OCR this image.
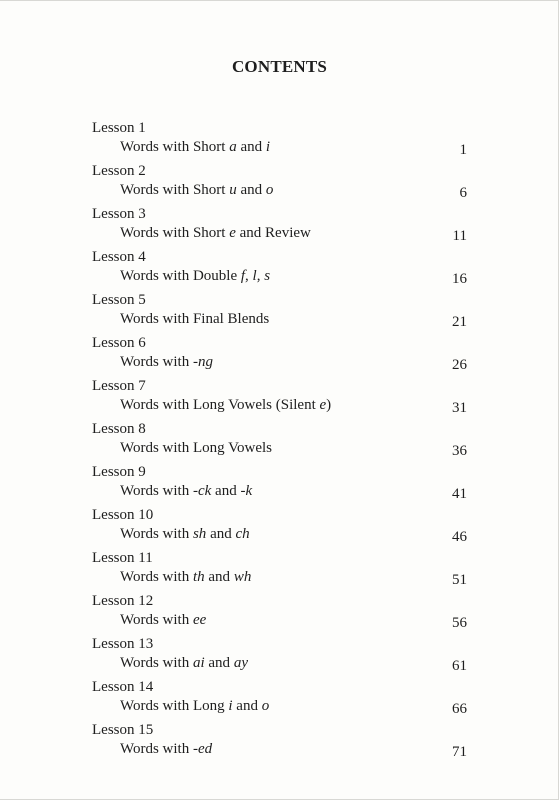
CONTENTS
Lesson 1
Words with Short a and i	1
Lesson 2
Words with Short u and o	6
Lesson 3
Words with Short e and Review	11
Lesson 4
Words with Double f, l, s	16
Lesson 5
Words with Final Blends	21
Lesson 6
Words with -ng	26
Lesson 7
Words with Long Vowels (Silent e)	31
Lesson 8
Words with Long Vowels	36
Lesson 9
Words with -ck and -k	41
Lesson 10
Words with sh and ch	46
Lesson 11
Words with th and wh	51
Lesson 12
Words with ee	56
Lesson 13
Words with ai and ay	61
Lesson 14
Words with Long i and o	66
Lesson 15
Words with -ed	71
